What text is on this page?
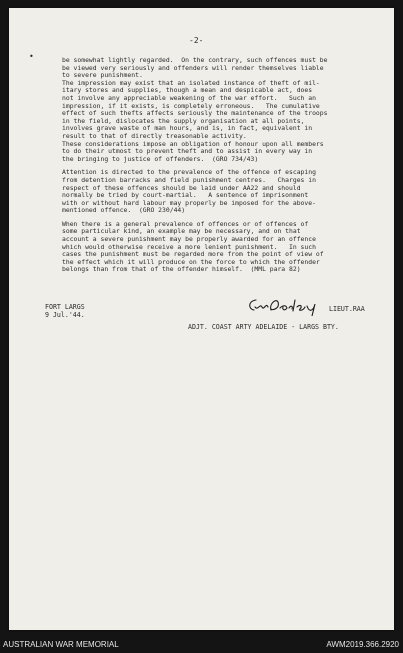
-2-
•	be somewhat lightly regarded.  On the contrary, such offences must be

be viewed very seriously and offenders will render themselves liable

to severe punishment.

The impression may exist that an isolated instance of theft of mil-

itary stores and supplies, though a mean and despicable act, does

not involve any appreciable weakening of the war effort.   Such an

impression, if it exists, is completely erroneous.   The cumulative

effect of such thefts affects seriously the maintenance of the troops

in the field, dislocates the supply organisation at all points,

involves grave waste of man hours, and is, in fact, equivalent in

result to that of directly treasonable activity.

These considerations impose an obligation of honour upon all members

to do their utmost to prevent theft and to assist in every way in

the bringing to justice of offenders.  (GRO 734/43)

Attention is directed to the prevalence of the offence of escaping

from detention barracks and field punishment centres.   Charges in

respect of these offences should be laid under AA22 and should

normally be tried by court-martial.   A sentence of imprisonment

with or without hard labour may properly be imposed for the above-

mentioned offence.  (GRO 230/44)

When there is a general prevalence of offences or of offences of

some particular kind, an example may be necessary, and on that

account a severe punishment may be properly awarded for an offence

which would otherwise receive a more lenient punishment.   In such

cases the punishment must be regarded more from the point of view of

the effect which it will produce on the force to which the offender

belongs than from that of the offender himself.  (MML para 82)

FORT LARGS
9 Jul.'44.
LIEUT.RAA
ADJT. COAST ARTY ADELAIDE - LARGS BTY.
AUSTRALIAN WAR MEMORIAL	AWM2019.366.2920
